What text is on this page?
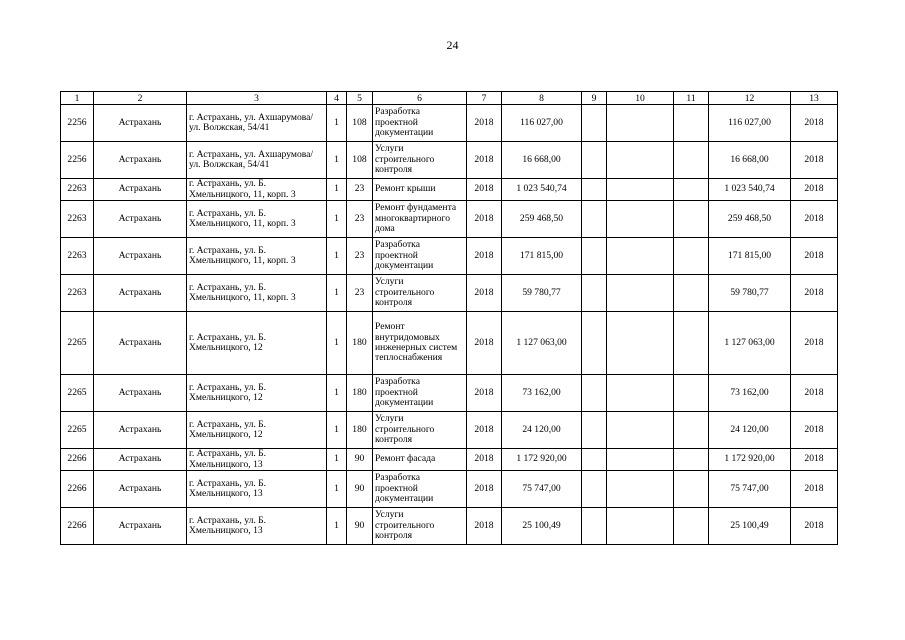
24
1	2	3	4	5	6	7	8	9	10	11	12	13
2256	Астрахань	г. Астрахань, ул. Ахшарумова/ ул. Волжская, 54/41	1	108	Разработка проектной документации	2018	116 027,00				116 027,00	2018
2256	Астрахань	г. Астрахань, ул. Ахшарумова/ ул. Волжская, 54/41	1	108	Услуги строительного контроля	2018	16 668,00				16 668,00	2018
2263	Астрахань	г. Астрахань, ул. Б. Хмельницкого, 11, корп. 3	1	23	Ремонт крыши	2018	1 023 540,74				1 023 540,74	2018
2263	Астрахань	г. Астрахань, ул. Б. Хмельницкого, 11, корп. 3	1	23	Ремонт фундамента многоквартирного дома	2018	259 468,50				259 468,50	2018
2263	Астрахань	г. Астрахань, ул. Б. Хмельницкого, 11, корп. 3	1	23	Разработка проектной документации	2018	171 815,00				171 815,00	2018
2263	Астрахань	г. Астрахань, ул. Б. Хмельницкого, 11, корп. 3	1	23	Услуги строительного контроля	2018	59 780,77				59 780,77	2018
2265	Астрахань	г. Астрахань, ул. Б. Хмельницкого, 12	1	180	Ремонт внутридомовых инженерных систем теплоснабжения	2018	1 127 063,00				1 127 063,00	2018
2265	Астрахань	г. Астрахань, ул. Б. Хмельницкого, 12	1	180	Разработка проектной документации	2018	73 162,00				73 162,00	2018
2265	Астрахань	г. Астрахань, ул. Б. Хмельницкого, 12	1	180	Услуги строительного контроля	2018	24 120,00				24 120,00	2018
2266	Астрахань	г. Астрахань, ул. Б. Хмельницкого, 13	1	90	Ремонт фасада	2018	1 172 920,00				1 172 920,00	2018
2266	Астрахань	г. Астрахань, ул. Б. Хмельницкого, 13	1	90	Разработка проектной документации	2018	75 747,00				75 747,00	2018
2266	Астрахань	г. Астрахань, ул. Б. Хмельницкого, 13	1	90	Услуги строительного контроля	2018	25 100,49				25 100,49	2018
